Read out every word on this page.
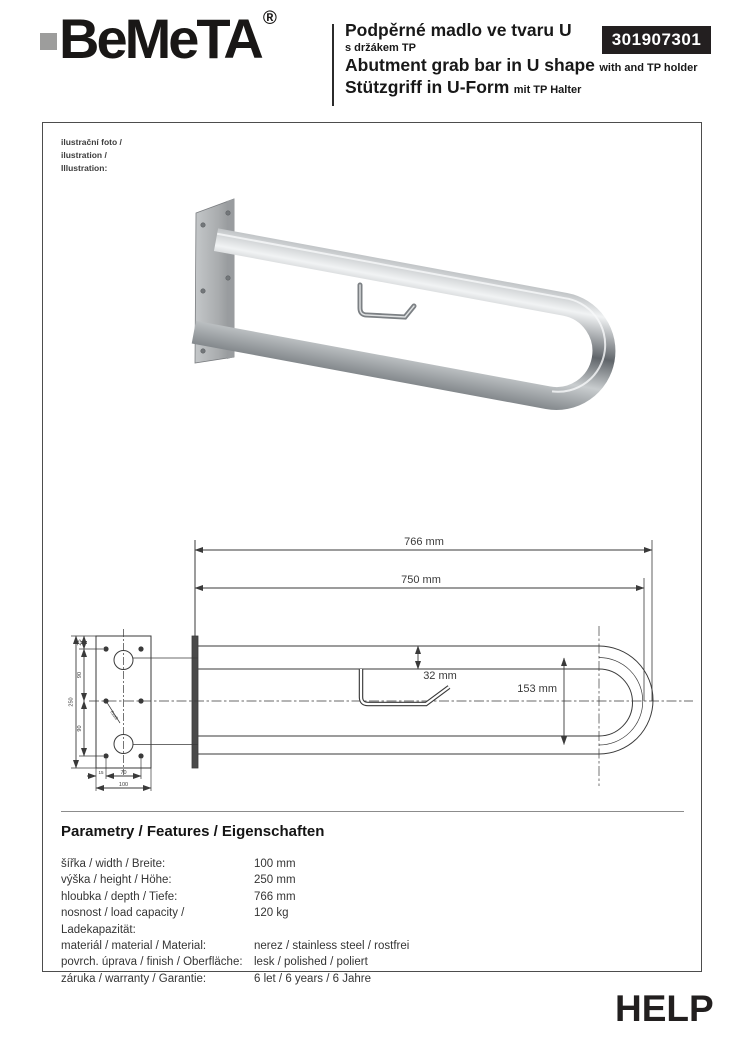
BeMeTA ®
Podpěrné madlo ve tvaru U
s držákem TP
Abutment grab bar in U shape with and TP holder
Stützgriff in U-Form mit TP Halter
301907301
ilustrační foto /
ilustration /
Illustration:
766 mm
750 mm
32 mm
153 mm
250
25
90
90
15	70
100
6xø9
Parametry / Features / Eigenschaften
šířka / width / Breite:	100 mm
výška / height / Höhe:	250 mm
hloubka / depth / Tiefe:	766 mm
nosnost / load capacity / Ladekapazität:
120 kg
materiál / material / Material:	nerez / stainless steel / rostfrei
povrch. úprava / finish / Oberfläche: lesk / polished / poliert
záruka / warranty / Garantie:	6 let / 6 years / 6 Jahre
HELP
